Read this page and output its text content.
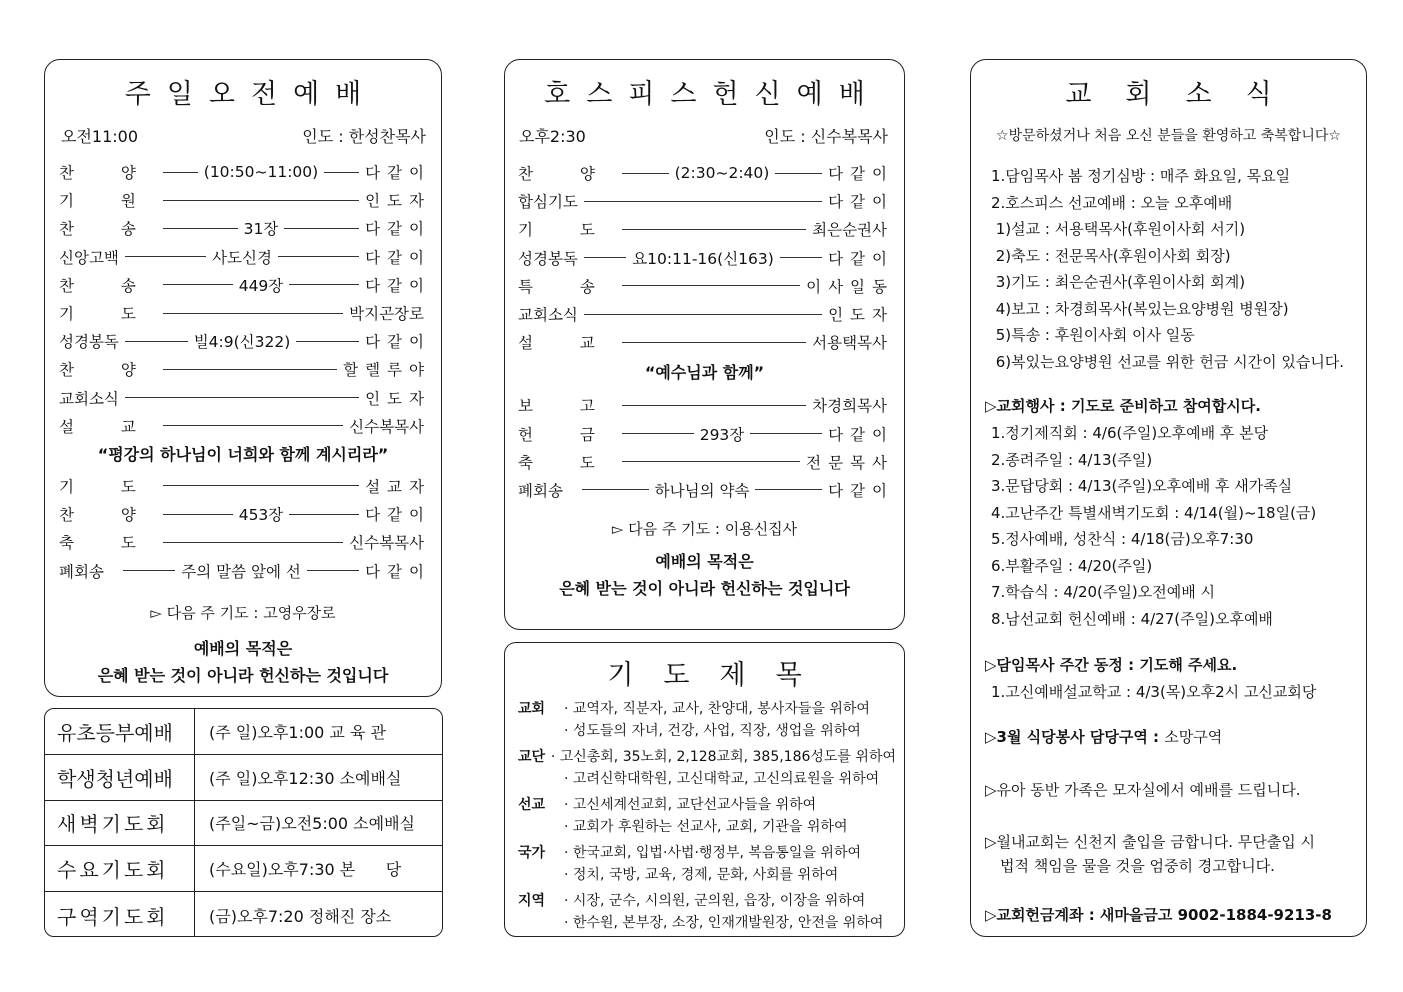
주일오전예배
오전11:00	인도 : 한성찬목사
찬 양	(10:50~11:00)	다같이
기 원	인도자
찬 송	31장	다같이
신앙고백	사도신경	다같이
찬 송	449장	다같이
기 도	박지곤장로
성경봉독	빌4:9(신322)	다같이
찬 양	할렐루야
교회소식	인도자
설 교	신수복목사
“평강의 하나님이 너희와 함께 계시리라”
기 도	설교자
찬 양	453장	다같이
축 도	신수복목사
폐회송	주의 말씀 앞에 선	다같이
▻ 다음 주 기도 : 고영우장로
예배의 목적은
은혜 받는 것이 아니라 헌신하는 것입니다
유초등부예배	(주 일)오후1:00 교 육 관
학생청년예배	(주 일)오후12:30 소예배실
새벽기도회	(주일~금)오전5:00 소예배실
수요기도회	(수요일)오후7:30 본      당
구역기도회	(금)오후7:20 정해진 장소
호스피스헌신예배
오후2:30	인도 : 신수복목사
찬 양	(2:30~2:40)	다같이
합심기도	다같이
기 도	최은순권사
성경봉독	요10:11-16(신163)	다같이
특 송	이사일동
교회소식	인도자
설 교	서용택목사
“예수님과 함께”
보 고	차경희목사
헌 금	293장	다같이
축 도	전문목사
폐회송	하나님의 약속	다같이
▻ 다음 주 기도 : 이용신집사
예배의 목적은
은혜 받는 것이 아니라 헌신하는 것입니다
기도제목
교회	· 교역자, 직분자, 교사, 찬양대, 봉사자들을 위하여
· 성도들의 자녀, 건강, 사업, 직장, 생업을 위하여
교단 · 고신총회, 35노회, 2,128교회, 385,186성도를 위하여
· 고려신학대학원, 고신대학교, 고신의료원을 위하여
선교	· 고신세계선교회, 교단선교사들을 위하여
· 교회가 후원하는 선교사, 교회, 기관을 위하여
국가	· 한국교회, 입법·사법·행정부, 복음통일을 위하여
· 정치, 국방, 교육, 경제, 문화, 사회를 위하여
지역	· 시장, 군수, 시의원, 군의원, 읍장, 이장을 위하여
· 한수원, 본부장, 소장, 인재개발원장, 안전을 위하여
교회소식
☆방문하셨거나 처음 오신 분들을 환영하고 축복합니다☆
1.담임목사 봄 정기심방 : 매주 화요일, 목요일
2.호스피스 선교예배 : 오늘 오후예배
1)설교 : 서용택목사(후원이사회 서기)
2)축도 : 전문목사(후원이사회 회장)
3)기도 : 최은순권사(후원이사회 회계)
4)보고 : 차경희목사(복있는요양병원 병원장)
5)특송 : 후원이사회 이사 일동
6)복있는요양병원 선교를 위한 헌금 시간이 있습니다.
▷교회행사 : 기도로 준비하고 참여합시다.
1.정기제직회 : 4/6(주일)오후예배 후 본당
2.종려주일 : 4/13(주일)
3.문답당회 : 4/13(주일)오후예배 후 새가족실
4.고난주간 특별새벽기도회 : 4/14(월)~18일(금)
5.정사예배, 성찬식 : 4/18(금)오후7:30
6.부활주일 : 4/20(주일)
7.학습식 : 4/20(주일)오전예배 시
8.남선교회 헌신예배 : 4/27(주일)오후예배
▷담임목사 주간 동정 : 기도해 주세요.
1.고신예배설교학교 : 4/3(목)오후2시 고신교회당
▷3월 식당봉사 담당구역 : 소망구역
▷유아 동반 가족은 모자실에서 예배를 드립니다.
▷월내교회는 신천지 출입을 금합니다. 무단출입 시
법적 책임을 물을 것을 엄중히 경고합니다.
▷교회헌금계좌 : 새마을금고 9002-1884-9213-8
